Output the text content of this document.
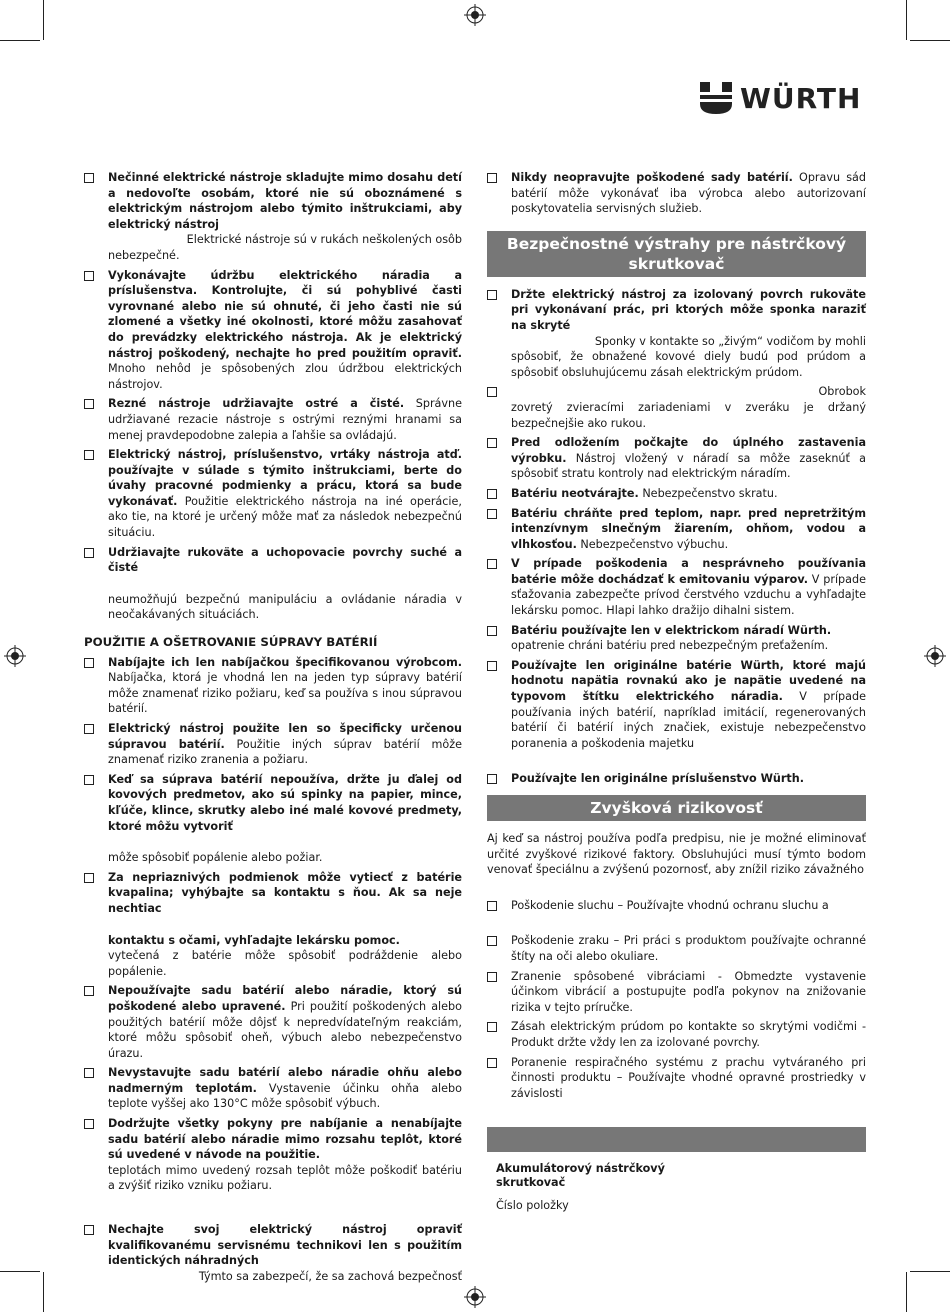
WÜRTH
Nečinné elektrické nástroje skladujte mimo dosahu detí a nedovoľte osobám, ktoré nie sú oboznámené s elektrickým nástrojom alebo týmito inštrukciami, aby elektrický nástroj
Elektrické nástroje sú v rukách neškolených osôb
nebezpečné.
Vykonávajte údržbu elektrického náradia a príslušenstva. Kontrolujte, či sú pohyblivé časti vyrovnané alebo nie sú ohnuté, či jeho časti nie sú zlomené a všetky iné okolnosti, ktoré môžu zasahovať do prevádzky elektrického nástroja. Ak je elektrický nástroj poškodený, nechajte ho pred použitím opraviť. Mnoho nehôd je spôsobených zlou údržbou elektrických nástrojov.
Rezné nástroje udržiavajte ostré a čisté. Správne udržiavané rezacie nástroje s ostrými reznými hranami sa menej pravdepodobne zalepia a ľahšie sa ovládajú.
Elektrický nástroj, príslušenstvo, vrtáky nástroja atď. používajte v súlade s týmito inštrukciami, berte do úvahy pracovné podmienky a prácu, ktorá sa bude vykonávať. Použitie elektrického nástroja na iné operácie, ako tie, na ktoré je určený môže mať za následok nebezpečnú situáciu.
Udržiavajte rukoväte a uchopovacie povrchy suché a čisté
neumožňujú bezpečnú manipuláciu a ovládanie náradia v neočakávaných situáciách.
POUŽITIE A OŠETROVANIE SÚPRAVY BATÉRIÍ
Nabíjajte ich len nabíjačkou špecifikovanou výrobcom. Nabíjačka, ktorá je vhodná len na jeden typ súpravy batérií môže znamenať riziko požiaru, keď sa používa s inou súpravou batérií.
Elektrický nástroj použite len so špecificky určenou súpravou batérií. Použitie iných súprav batérií môže znamenať riziko zranenia a požiaru.
Keď sa súprava batérií nepoužíva, držte ju ďalej od kovových predmetov, ako sú spinky na papier, mince, kľúče, klince, skrutky alebo iné malé kovové predmety, ktoré môžu vytvoriť
môže spôsobiť popálenie alebo požiar.
Za nepriaznivých podmienok môže vytiecť z batérie kvapalina; vyhýbajte sa kontaktu s ňou. Ak sa neje nechtiac
kontaktu s očami, vyhľadajte lekársku pomoc.
vytečená z batérie môže spôsobiť podráždenie alebo popálenie.
Nepoužívajte sadu batérií alebo náradie, ktorý sú poškodené alebo upravené. Pri použití poškodených alebo použitých batérií môže dôjsť k nepredvídateľným reakciám, ktoré môžu spôsobiť oheň, výbuch alebo nebezpečenstvo úrazu.
Nevystavujte sadu batérií alebo náradie ohňu alebo nadmerným teplotám. Vystavenie účinku ohňa alebo teplote vyššej ako 130°C môže spôsobiť výbuch.
Dodržujte všetky pokyny pre nabíjanie a nenabíjajte sadu batérií alebo náradie mimo rozsahu teplôt, ktoré sú uvedené v návode na použitie.
teplotách mimo uvedený rozsah teplôt môže poškodiť batériu a zvýšiť riziko vzniku požiaru.
Nechajte svoj elektrický nástroj opraviť kvalifikovanému servisnému technikovi len s použitím identických náhradných
Týmto sa zabezpečí, že sa zachová bezpečnosť
Nikdy neopravujte poškodené sady batérií. Opravu sád batérií môže vykonávať iba výrobca alebo autorizovaní poskytovatelia servisných služieb.
Bezpečnostné výstrahy pre nástrčkový skrutkovač
Držte elektrický nástroj za izolovaný povrch rukoväte pri vykonávaní prác, pri ktorých môže sponka naraziť na skryté
Sponky v kontakte so „živým“ vodičom by mohli
spôsobiť, že obnažené kovové diely budú pod prúdom a spôsobiť obsluhujúcemu zásah elektrickým prúdom.
Obrobok
zovretý zvieracími zariadeniami v zveráku je držaný bezpečnejšie ako rukou.
Pred odložením počkajte do úplného zastavenia výrobku. Nástroj vložený v náradí sa môže zaseknúť a spôsobiť stratu kontroly nad elektrickým náradím.
Batériu neotvárajte. Nebezpečenstvo skratu.
Batériu chráňte pred teplom, napr. pred nepretržitým intenzívnym slnečným žiarením, ohňom, vodou a vlhkosťou. Nebezpečenstvo výbuchu.
V prípade poškodenia a nesprávneho používania batérie môže dochádzať k emitovaniu výparov. V prípade sťažovania zabezpečte prívod čerstvého vzduchu a vyhľadajte lekársku pomoc. Hlapi lahko dražijo dihalni sistem.
Batériu používajte len v elektrickom náradí Würth.
opatrenie chráni batériu pred nebezpečným preťažením.
Používajte len originálne batérie Würth, ktoré majú hodnotu napätia rovnakú ako je napätie uvedené na typovom štítku elektrického náradia. V prípade používania iných batérií, napríklad imitácií, regenerovaných batérií či batérií iných značiek, existuje nebezpečenstvo poranenia a poškodenia majetku
Používajte len originálne príslušenstvo Würth.
Zvyšková rizikovosť
Aj keď sa nástroj používa podľa predpisu, nie je možné eliminovať určité zvyškové rizikové faktory. Obsluhujúci musí týmto bodom venovať špeciálnu a zvýšenú pozornosť, aby znížil riziko závažného
Poškodenie sluchu – Používajte vhodnú ochranu sluchu a
Poškodenie zraku – Pri práci s produktom používajte ochranné štíty na oči alebo okuliare.
Zranenie spôsobené vibráciami - Obmedzte vystavenie účinkom vibrácií a postupujte podľa pokynov na znižovanie rizika v tejto príručke.
Zásah elektrickým prúdom po kontakte so skrytými vodičmi - Produkt držte vždy len za izolované povrchy.
Poranenie respiračného systému z prachu vytváraného pri činnosti produktu – Používajte vhodné opravné prostriedky v závislosti
Akumulátorový nástrčkový skrutkovač
Číslo položky
